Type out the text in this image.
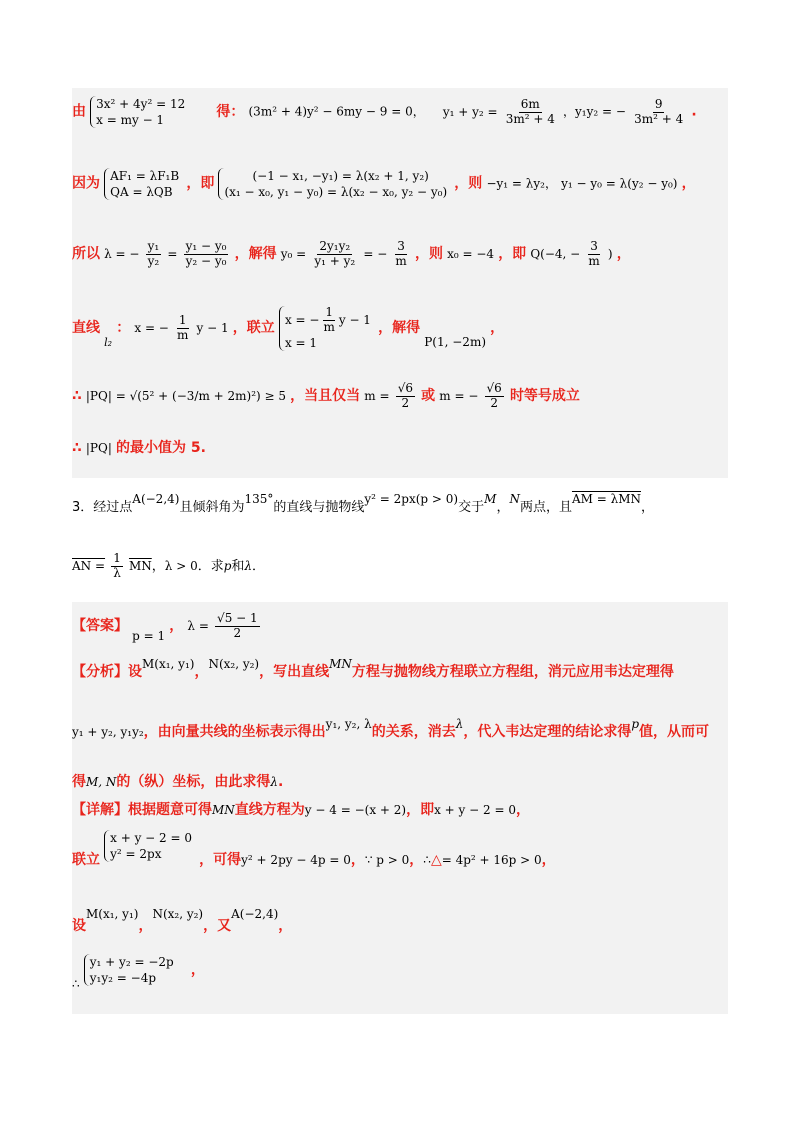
由 3x² + 4y² = 12
x = my − 1
得： (3m² + 4)y² − 6my − 9 = 0， $y_1 + y_2 = \frac{6m}{\text{3m² + 4}}$ ，y₁y₂ = − $\frac{9}{\text{3m² + 4}}$ .
因为 AF₁ = λF₁B
QA = λQB
，即	(−1 − x₁, −y₁) = λ(x₂ + 1, y₂)
(x₁ − x₀, y₁ − y₀) = λ(x₂ − x₀, y₂ − y₀)
，则 −y₁ = λy₂， y₁ − y₀ = λ(y₂ − y₀) ，
所以 λ = − $\frac{\text{y₁}}{\text{y₂}} = \frac{\text{y₁ − y₀}}{\text{y₂ − y₀}}$ ，解得 $y_0 = \frac{\text{2y₁y₂}}{\text{y₁ + y₂}}$ = − $\frac{3}{m}$ ，则 x₀ = −4 ，即 Q(−4, − $\frac{3}{m}$ ) ，
直线 $_{l_2}$ ： x = − $\frac{1}{m}$ y − 1 ，联立
x = − $\frac{1}{m}$ y − 1
x = 1
，解得 P(1, −2m) ，
∴ |PQ| = √(5² + (−3/m + 2m)²) ≥ 5 ，当且仅当 $m = \frac{√6}{2}$ 或 m = − $\frac{√6}{2}$ 时等号成立
∴ |PQ| 的最小值为 5.
3．经过点A(−2,4)且倾斜角为135°的直线与抛物线y² = 2px(p > 0)交于M，N两点，且AM = λMN，
AN = $\frac{1}{\lambda} \overline{MN}$，λ > 0．求p和λ．
【答案】 p = 1 ， $\lambda = \frac{√5 - 1}{2}$
【分析】设M(x₁, y₁)，N(x₂, y₂)，写出直线MN方程与抛物线方程联立方程组，消元应用韦达定理得
y₁ + y₂, y₁y₂，由向量共线的坐标表示得出y₁, y₂, λ的关系，消去λ，代入韦达定理的结论求得p值，从而可
得M, N的（纵）坐标，由此求得λ.
【详解】根据题意可得MN直线方程为y − 4 = −(x + 2)，即x + y − 2 = 0，
联立
x + y − 2 = 0
y² = 2px	，可得y² + 2py − 4p = 0，∵ p > 0，∴△= 4p² + 16p > 0，
设M(x₁, y₁)，N(x₂, y₂)，又A(−2,4)，
∴
y₁ + y₂ = −2p
y₁y₂ = −4p
，
